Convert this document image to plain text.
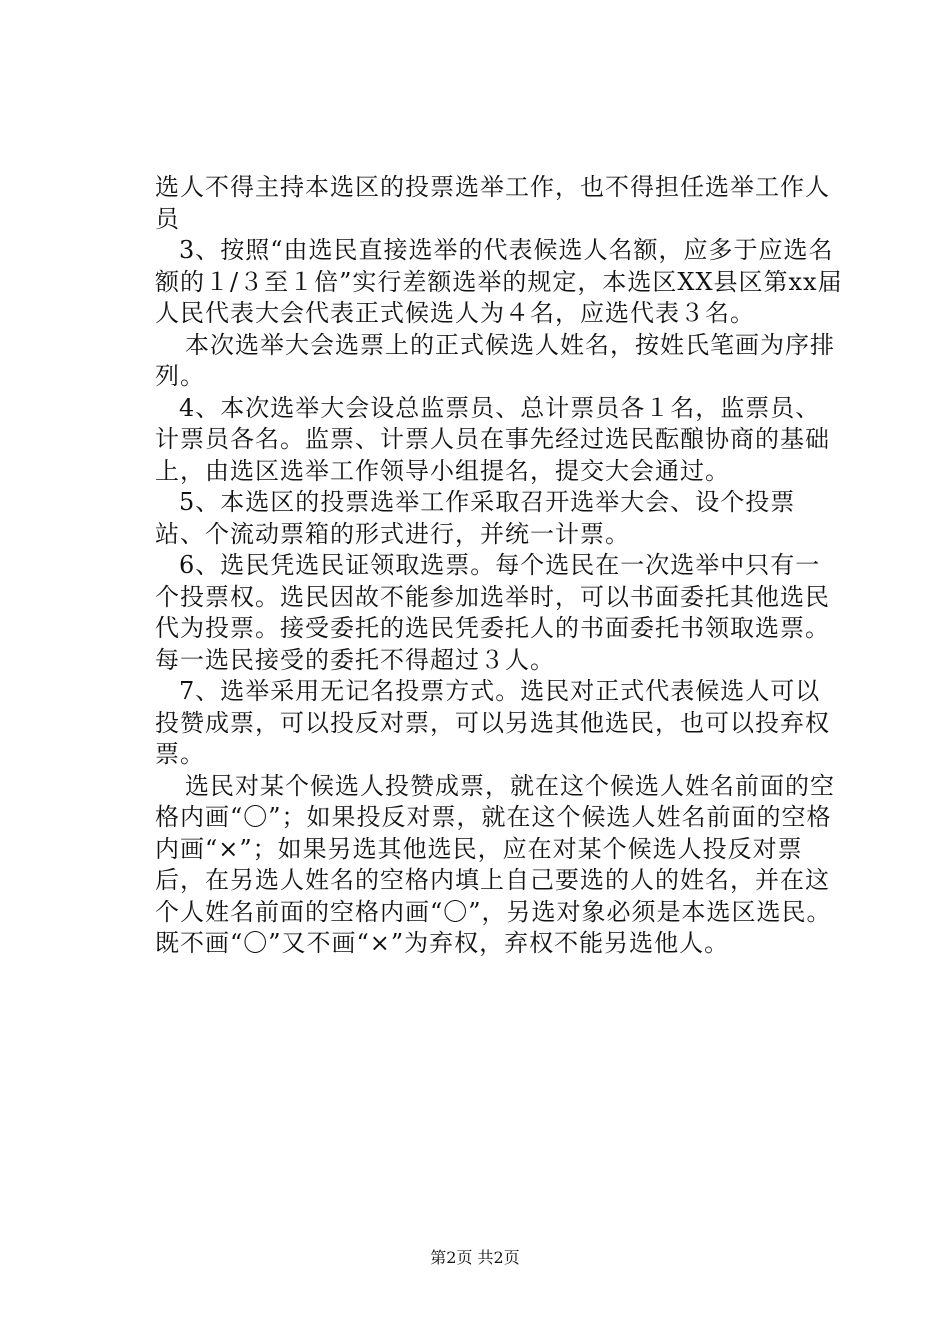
选人不得主持本选区的投票选举工作，也不得担任选举工作人员

3、按照“由选民直接选举的代表候选人名额，应多于应选名额的１/３至１倍”实行差额选举的规定，本选区XX县区第xx届人民代表大会代表正式候选人为４名，应选代表３名。

本次选举大会选票上的正式候选人姓名，按姓氏笔画为序排列。

4、本次选举大会设总监票员、总计票员各１名，监票员、计票员各名。监票、计票人员在事先经过选民酝酿协商的基础上，由选区选举工作领导小组提名，提交大会通过。

5、本选区的投票选举工作采取召开选举大会、设个投票站、个流动票箱的形式进行，并统一计票。

6、选民凭选民证领取选票。每个选民在一次选举中只有一个投票权。选民因故不能参加选举时，可以书面委托其他选民代为投票。接受委托的选民凭委托人的书面委托书领取选票。每一选民接受的委托不得超过３人。

7、选举采用无记名投票方式。选民对正式代表候选人可以投赞成票，可以投反对票，可以另选其他选民，也可以投弃权票。

选民对某个候选人投赞成票，就在这个候选人姓名前面的空格内画“〇”；如果投反对票，就在这个候选人姓名前面的空格内画“×”；如果另选其他选民，应在对某个候选人投反对票后，在另选人姓名的空格内填上自己要选的人的姓名，并在这个人姓名前面的空格内画“〇”，另选对象必须是本选区选民。既不画“〇”又不画“×”为弃权，弃权不能另选他人。

第2页 共2页
